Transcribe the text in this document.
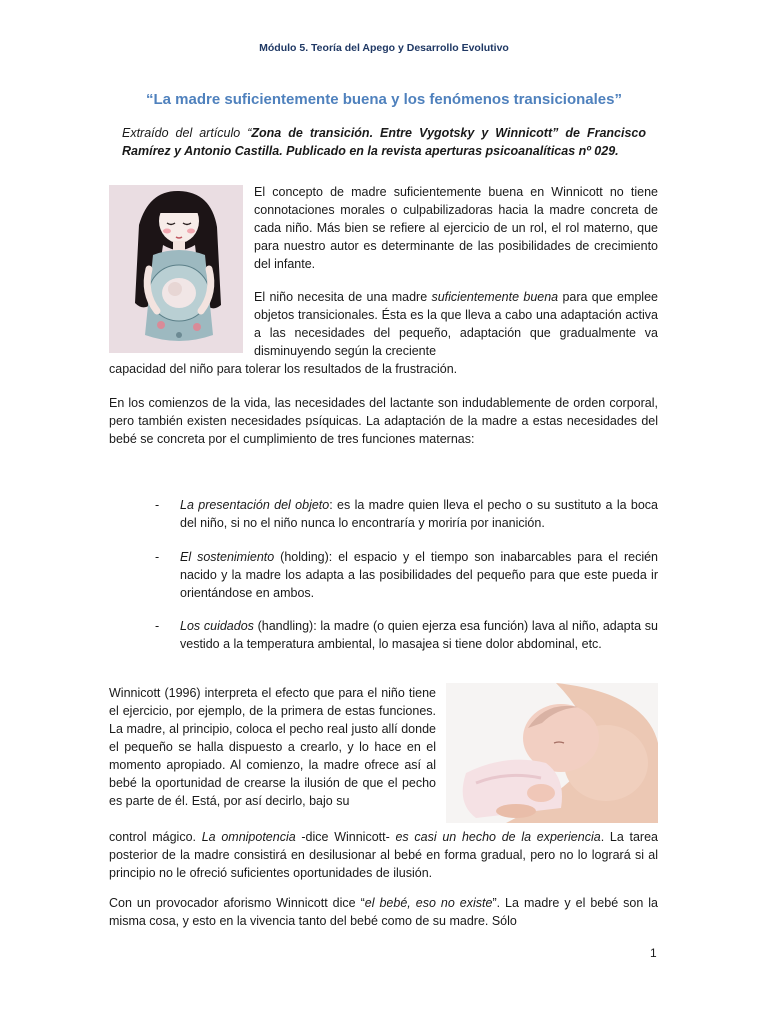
Módulo 5. Teoría del Apego y Desarrollo Evolutivo
“La madre suficientemente buena y los fenómenos transicionales”
Extraído del artículo “Zona de transición. Entre Vygotsky y Winnicott” de Francisco Ramírez y Antonio Castilla. Publicado en la revista aperturas psicoanalíticas nº 029.
El concepto de madre suficientemente buena en Winnicott no tiene connotaciones morales o culpabilizadoras hacia la madre concreta de cada niño. Más bien se refiere al ejercicio de un rol, el rol materno, que para nuestro autor es determinante de las posibilidades de crecimiento del infante.
El niño necesita de una madre suficientemente buena para que emplee objetos transicionales. Ésta es la que lleva a cabo una adaptación activa a las necesidades del pequeño, adaptación que gradualmente va disminuyendo según la creciente
capacidad del niño para tolerar los resultados de la frustración.
En los comienzos de la vida, las necesidades del lactante son indudablemente de orden corporal, pero también existen necesidades psíquicas. La adaptación de la madre a estas necesidades del bebé se concreta por el cumplimiento de tres funciones maternas:
- La presentación del objeto: es la madre quien lleva el pecho o su sustituto a la boca del niño, si no el niño nunca lo encontraría y moriría por inanición.
- El sostenimiento (holding): el espacio y el tiempo son inabarcables para el recién nacido y la madre los adapta a las posibilidades del pequeño para que este pueda ir orientándose en ambos.
- Los cuidados (handling): la madre (o quien ejerza esa función) lava al niño, adapta su vestido a la temperatura ambiental, lo masajea si tiene dolor abdominal, etc.
Winnicott (1996) interpreta el efecto que para el niño tiene el ejercicio, por ejemplo, de la primera de estas funciones. La madre, al principio, coloca el pecho real justo allí donde el pequeño se halla dispuesto a crearlo, y lo hace en el momento apropiado. Al comienzo, la madre ofrece así al bebé la oportunidad de crearse la ilusión de que el pecho es parte de él. Está, por así decirlo, bajo su
control mágico. La omnipotencia -dice Winnicott- es casi un hecho de la experiencia. La tarea posterior de la madre consistirá en desilusionar al bebé en forma gradual, pero no lo logrará si al principio no le ofreció suficientes oportunidades de ilusión.
Con un provocador aforismo Winnicott dice “el bebé, eso no existe”. La madre y el bebé son la misma cosa, y esto en la vivencia tanto del bebé como de su madre. Sólo
1
